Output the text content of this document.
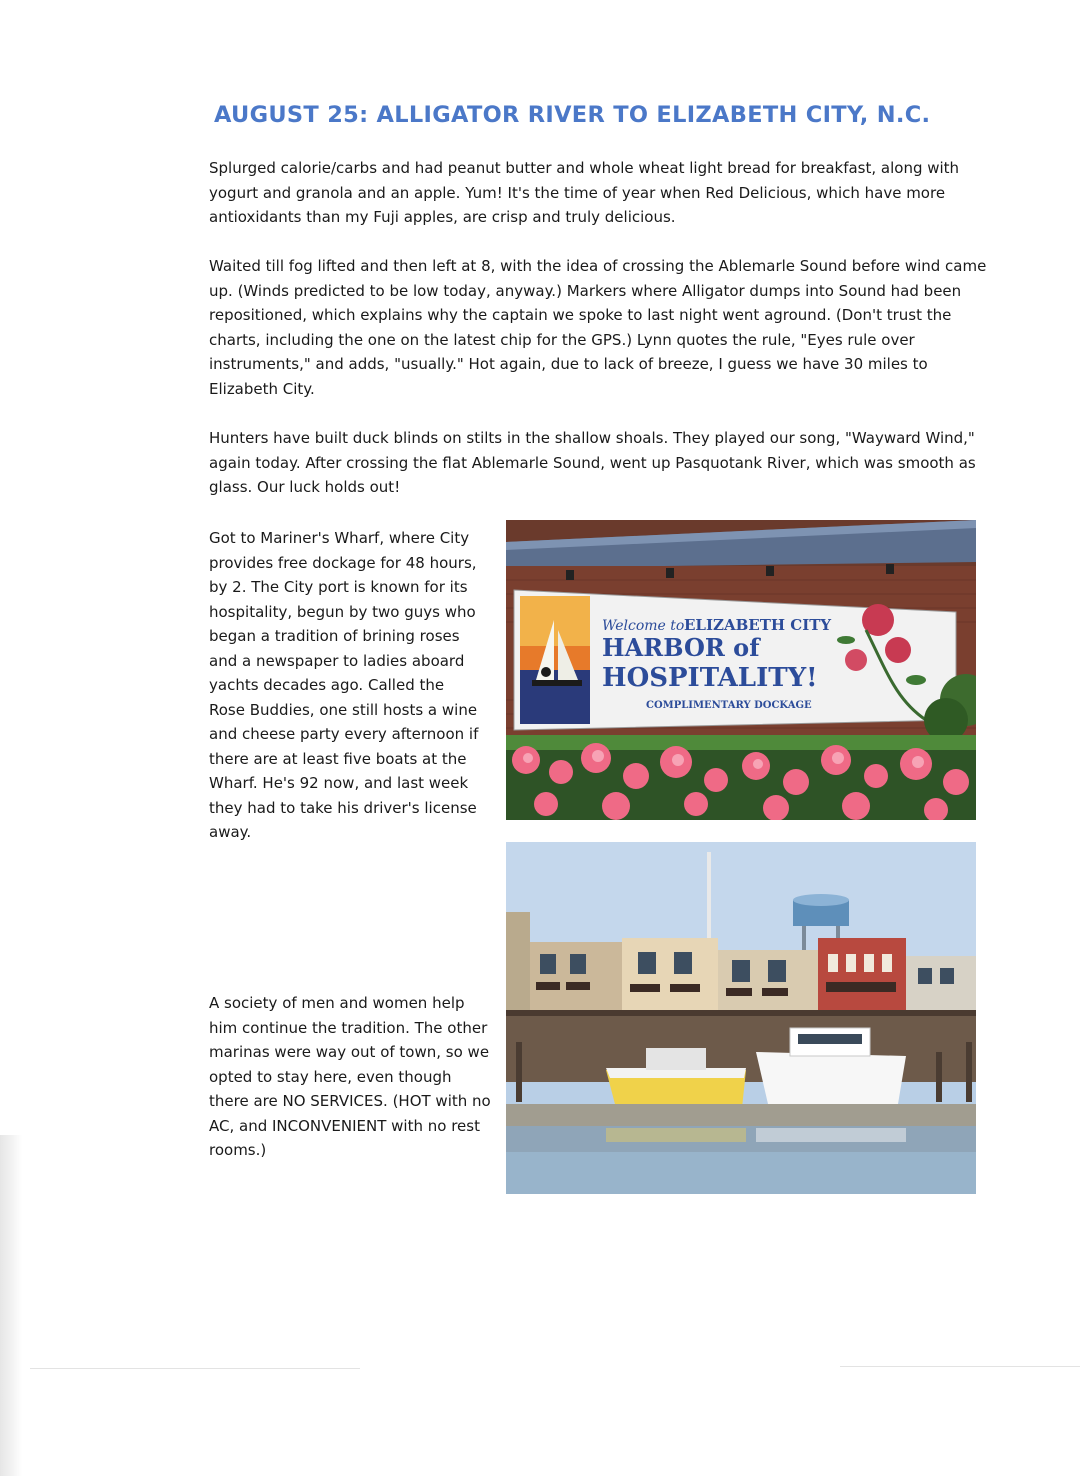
AUGUST 25: ALLIGATOR RIVER TO ELIZABETH CITY, N.C.

Splurged calorie/carbs and had peanut butter and whole wheat light bread for breakfast, along with yogurt and granola and an apple. Yum! It's the time of year when Red Delicious, which have more antioxidants than my Fuji apples, are crisp and truly delicious.

Waited till fog lifted and then left at 8, with the idea of crossing the Ablemarle Sound before wind came up. (Winds predicted to be low today, anyway.) Markers where Alligator dumps into Sound had been repositioned, which explains why the captain we spoke to last night went aground. (Don't trust the charts, including the one on the latest chip for the GPS.) Lynn quotes the rule, "Eyes rule over instruments," and adds, "usually." Hot again, due to lack of breeze, I guess we have 30 miles to Elizabeth City.

Hunters have built duck blinds on stilts in the shallow shoals. They played our song, "Wayward Wind," again today. After crossing the flat Ablemarle Sound, went up Pasquotank River, which was smooth as glass. Our luck holds out!

Got to Mariner's Wharf, where City provides free dockage for 48 hours, by 2. The City port is known for its hospitality, begun by two guys who began a tradition of brining roses and a newspaper to ladies aboard yachts decades ago. Called the Rose Buddies, one still hosts a wine and cheese party every afternoon if there are at least five boats at the Wharf. He's 92 now, and last week they had to take his driver's license away.

A society of men and women help him continue the tradition. The other marinas were way out of town, so we opted to stay here, even though there are NO SERVICES. (HOT with no AC, and INCONVENIENT with no rest rooms.)

Welcome to ELIZABETH CITY
HARBOR of
HOSPITALITY!
COMPLIMENTARY DOCKAGE
